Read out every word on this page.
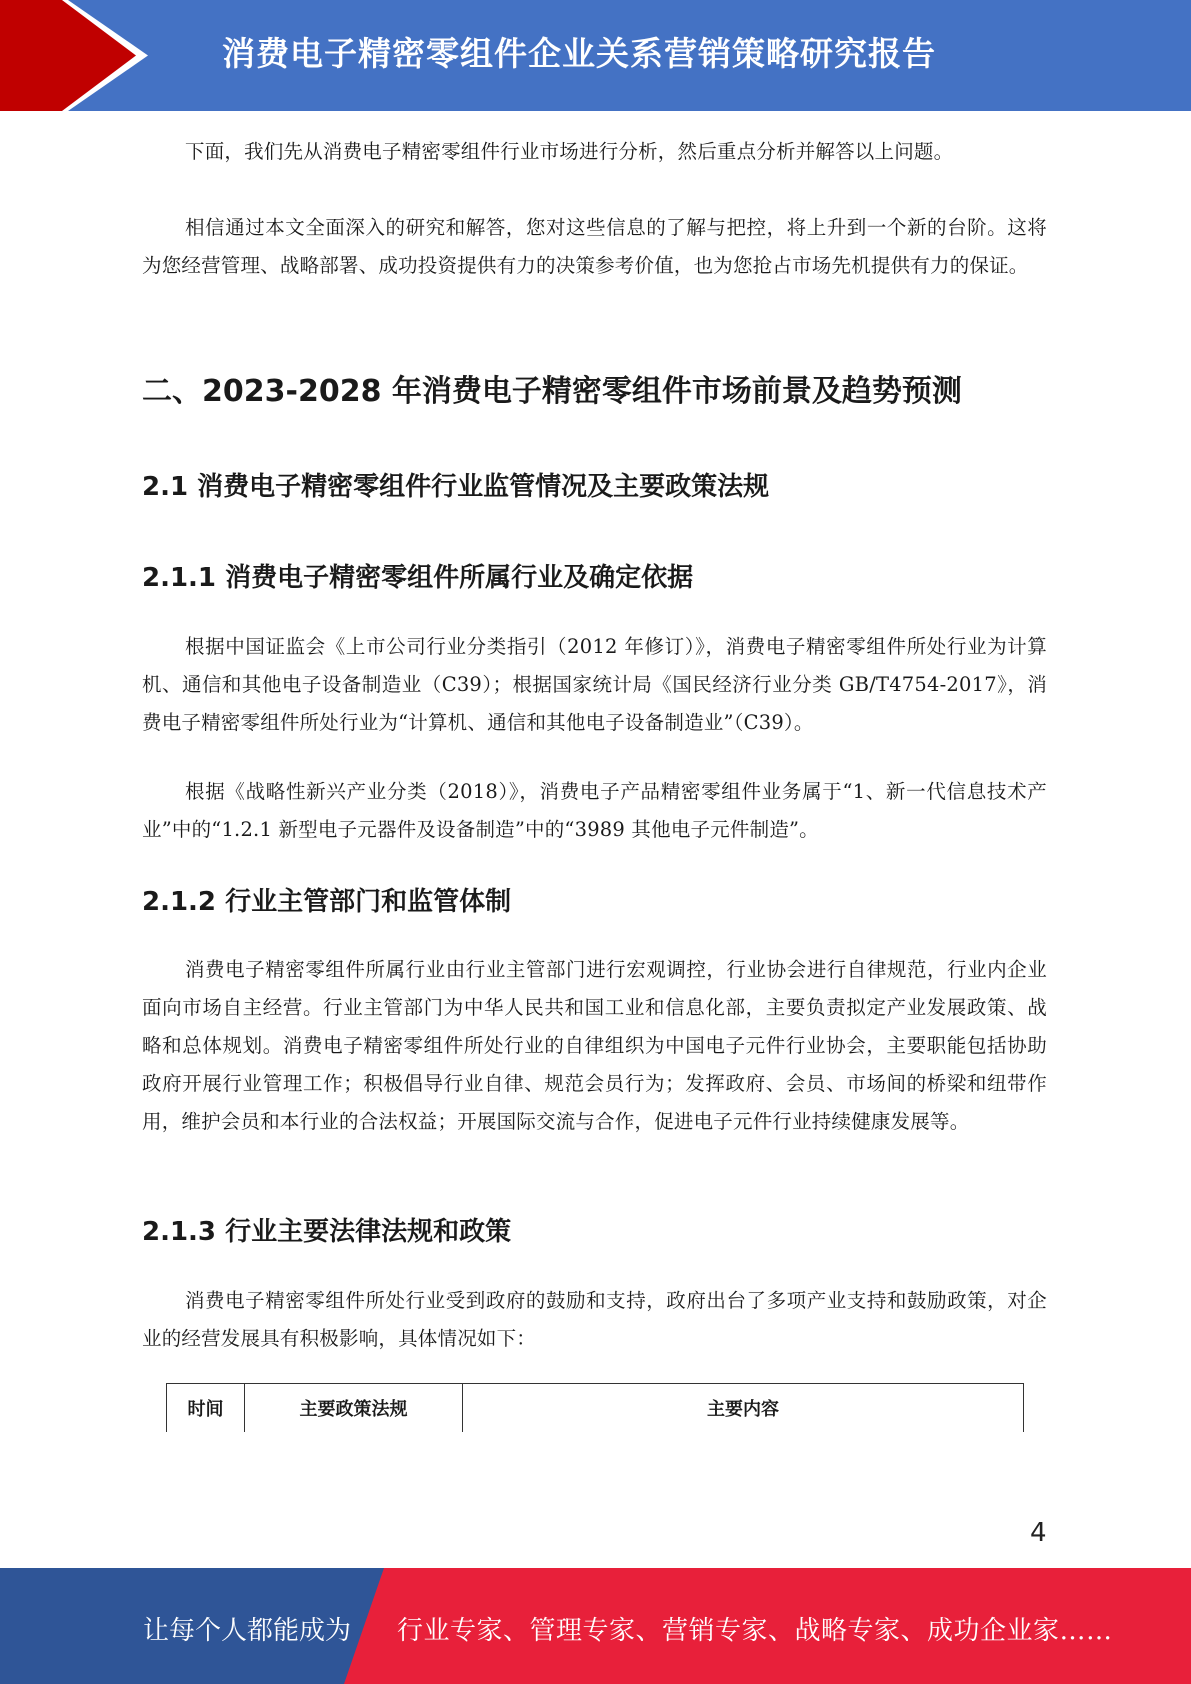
消费电子精密零组件企业关系营销策略研究报告

下面，我们先从消费电子精密零组件行业市场进行分析，然后重点分析并解答以上问题。

相信通过本文全面深入的研究和解答，您对这些信息的了解与把控，将上升到一个新的台阶。这将为您经营管理、战略部署、成功投资提供有力的决策参考价值，也为您抢占市场先机提供有力的保证。

二、2023-2028 年消费电子精密零组件市场前景及趋势预测
2.1 消费电子精密零组件行业监管情况及主要政策法规
2.1.1 消费电子精密零组件所属行业及确定依据

根据中国证监会《上市公司行业分类指引（2012 年修订）》，消费电子精密零组件所处行业为计算机、通信和其他电子设备制造业（C39）；根据国家统计局《国民经济行业分类 GB/T4754-2017》，消费电子精密零组件所处行业为“计算机、通信和其他电子设备制造业”（C39）。

根据《战略性新兴产业分类（2018）》，消费电子产品精密零组件业务属于“1、新一代信息技术产业”中的“1.2.1 新型电子元器件及设备制造”中的“3989 其他电子元件制造”。

2.1.2 行业主管部门和监管体制

消费电子精密零组件所属行业由行业主管部门进行宏观调控，行业协会进行自律规范，行业内企业面向市场自主经营。行业主管部门为中华人民共和国工业和信息化部，主要负责拟定产业发展政策、战略和总体规划。消费电子精密零组件所处行业的自律组织为中国电子元件行业协会，主要职能包括协助政府开展行业管理工作；积极倡导行业自律、规范会员行为；发挥政府、会员、市场间的桥梁和纽带作用，维护会员和本行业的合法权益；开展国际交流与合作，促进电子元件行业持续健康发展等。

2.1.3 行业主要法律法规和政策

消费电子精密零组件所处行业受到政府的鼓励和支持，政府出台了多项产业支持和鼓励政策，对企业的经营发展具有积极影响，具体情况如下：

时间	主要政策法规	主要内容
4
让每个人都能成为 行业专家、管理专家、营销专家、战略专家、成功企业家……
